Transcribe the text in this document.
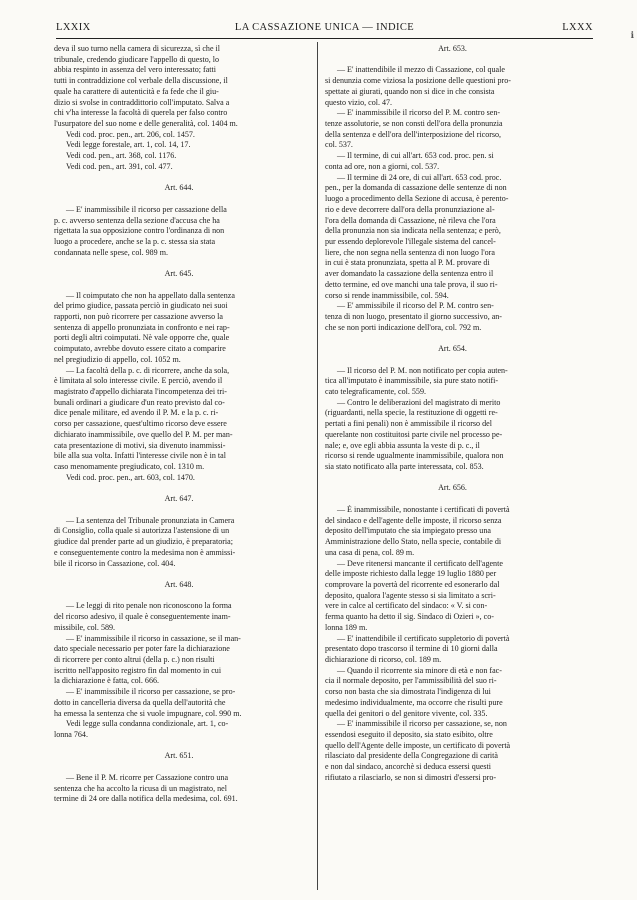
LXXIX	LA CASSAZIONE UNICA — INDICE	LXXX
deva il suo turno nella camera di sicurezza, sì che il
tribunale, credendo giudicare l'appello di questo, lo
abbia respinto in assenza del vero interessato; fatti
tutti in contraddizione col verbale della discussione, il
quale ha carattere di autenticità e fa fede che il giu-
dizio si svolse in contraddittorio coll'imputato. Salva a
chi v'ha interesse la facoltà di querela per falso contro
l'usurpatore del suo nome e delle generalità, col. 1404 m.
Vedi cod. proc. pen., art. 206, col. 1457.
Vedi legge forestale, art. 1, col. 14, 17.
Vedi cod. pen., art. 368, col. 1176.
Vedi cod. pen., art. 391, col. 477.
Art. 644.
— E' inammissibile il ricorso per cassazione della
p. c. avverso sentenza della sezione d'accusa che ha
rigettata la sua opposizione contro l'ordinanza di non
luogo a procedere, anche se la p. c. stessa sia stata
condannata nelle spese, col. 989 m.
Art. 645.
— Il coimputato che non ha appellato dalla sentenza
del primo giudice, passata perciò in giudicato nei suoi
rapporti, non può ricorrere per cassazione avverso la
sentenza di appello pronunziata in confronto e nei rap-
porti degli altri coimputati. Nè vale opporre che, quale
coimputato, avrebbe dovuto essere citato a comparire
nel pregiudizio di appello, col. 1052 m.
— La facoltà della p. c. di ricorrere, anche da sola,
è limitata al solo interesse civile. E perciò, avendo il
magistrato d'appello dichiarata l'incompetenza dei tri-
bunali ordinari a giudicare d'un reato previsto dal co-
dice penale militare, ed avendo il P. M. e la p. c. ri-
corso per cassazione, quest'ultimo ricorso deve essere
dichiarato inammissibile, ove quello del P. M. per man-
cata presentazione di motivi, sia divenuto inammissi-
bile alla sua volta. Infatti l'interesse civile non è in tal
caso menomamente pregiudicato, col. 1310 m.
Vedi cod. proc. pen., art. 603, col. 1470.
Art. 647.
— La sentenza del Tribunale pronunziata in Camera
di Consiglio, colla quale si autorizza l'astensione di un
giudice dal prender parte ad un giudizio, è preparatoria;
e conseguentemente contro la medesima non è ammissi-
bile il ricorso in Cassazione, col. 404.
Art. 648.
— Le leggi di rito penale non riconoscono la forma
del ricorso adesivo, il quale è conseguentemente inam-
missibile, col. 589.
— E' inammissibile il ricorso in cassazione, se il man-
dato speciale necessario per poter fare la dichiarazione
di ricorrere per conto altrui (della p. c.) non risulti
iscritto nell'apposito registro fin dal momento in cui
la dichiarazione è fatta, col. 666.
— E' inammissibile il ricorso per cassazione, se pro-
dotto in cancelleria diversa da quella dell'autorità che
ha emessa la sentenza che si vuole impugnare, col. 990 m.
Vedi legge sulla condanna condizionale, art. 1, co-
lonna 764.
Art. 651.
— Bene il P. M. ricorre per Cassazione contro una
sentenza che ha accolto la ricusa di un magistrato, nel
termine di 24 ore dalla notifica della medesima, col. 691.
Art. 653.
— E' inattendibile il mezzo di Cassazione, col quale
si denunzia come viziosa la posizione delle questioni pro-
spettate ai giurati, quando non si dice in che consista
questo vizio, col. 47.
— E' inammissibile il ricorso del P. M. contro sen-
tenze assolutorie, se non consti dell'ora della pronunzia
della sentenza e dell'ora dell'interposizione del ricorso,
col. 537.
— Il termine, di cui all'art. 653 cod. proc. pen. si
conta ad ore, non a giorni, col. 537.
— Il termine di 24 ore, di cui all'art. 653 cod. proc.
pen., per la domanda di cassazione delle sentenze di non
luogo a procedimento della Sezione di accusa, è perento-
rio e deve decorrere dall'ora della pronunziazione al-
l'ora della domanda di Cassazione, nè rileva che l'ora
della pronunzia non sia indicata nella sentenza; e però,
pur essendo deplorevole l'illegale sistema del cancel-
liere, che non segna nella sentenza di non luogo l'ora
in cui è stata pronunziata, spetta al P. M. provare di
aver domandato la cassazione della sentenza entro il
detto termine, ed ove manchi una tale prova, il suo ri-
corso si rende inammissibile, col. 594.
— E' ammissibile il ricorso del P. M. contro sen-
tenza di non luogo, presentato il giorno successivo, an-
che se non porti indicazione dell'ora, col. 792 m.
Art. 654.
— Il ricorso del P. M. non notificato per copia auten-
tica all'imputato è inammissibile, sia pure stato notifi-
cato telegraficamente, col. 559.
— Contro le deliberazioni del magistrato di merito
(riguardanti, nella specie, la restituzione di oggetti re-
pertati a fini penali) non è ammissibile il ricorso del
querelante non costituitosi parte civile nel processo pe-
nale; e, ove egli abbia assunta la veste di p. c., il
ricorso si rende ugualmente inammissibile, qualora non
sia stato notificato alla parte interessata, col. 853.
Art. 656.
— È inammissibile, nonostante i certificati di povertà
del sindaco e dell'agente delle imposte, il ricorso senza
deposito dell'imputato che sia impiegato presso una
Amministrazione dello Stato, nella specie, contabile di
una casa di pena, col. 89 m.
— Deve ritenersi mancante il certificato dell'agente
delle imposte richiesto dalla legge 19 luglio 1880 per
comprovare la povertà del ricorrente ed esonerarlo dal
deposito, qualora l'agente stesso si sia limitato a scri-
vere in calce al certificato del sindaco: « V. si con-
ferma quanto ha detto il sig. Sindaco di Ozieri », co-
lonna 189 m.
— E' inattendibile il certificato suppletorio di povertà
presentato dopo trascorso il termine di 10 giorni dalla
dichiarazione di ricorso, col. 189 m.
— Quando il ricorrente sia minore di età e non fac-
cia il normale deposito, per l'ammissibilità del suo ri-
corso non basta che sia dimostrata l'indigenza di lui
medesimo individualmente, ma occorre che risulti pure
quella dei genitori o del genitore vivente, col. 335.
— E' inammissibile il ricorso per cassazione, se, non
essendosi eseguito il deposito, sia stato esibito, oltre
quello dell'Agente delle imposte, un certificato di povertà
rilasciato dal presidente della Congregazione di carità
e non dal sindaco, ancorchè si deduca essersi questi
rifiutato a rilasciarlo, se non si dimostri d'essersi pro-
ℹ
